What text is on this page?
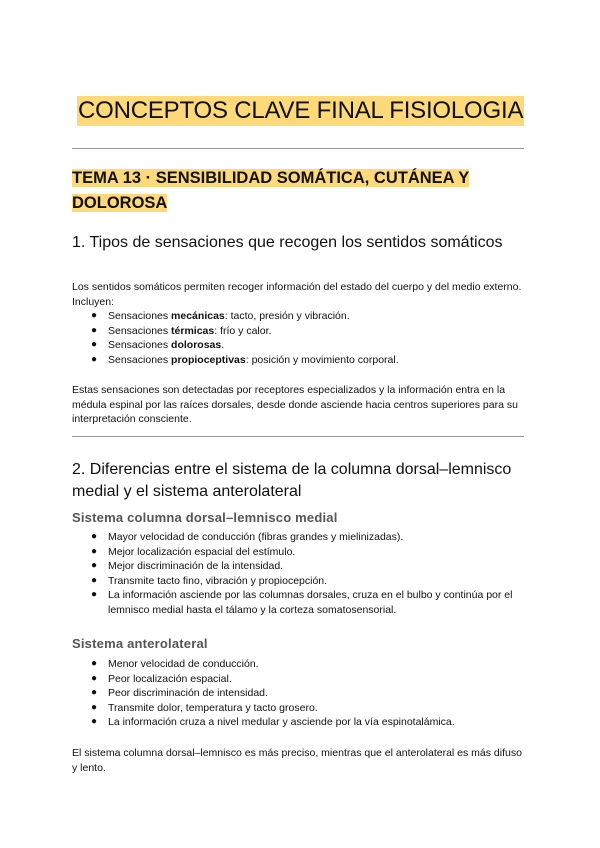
CONCEPTOS CLAVE FINAL FISIOLOGIA
TEMA 13 · SENSIBILIDAD SOMÁTICA, CUTÁNEA Y DOLOROSA
1. Tipos de sensaciones que recogen los sentidos somáticos

Los sentidos somáticos permiten recoger información del estado del cuerpo y del medio externo. Incluyen:

● Sensaciones mecánicas: tacto, presión y vibración.
● Sensaciones térmicas: frío y calor.
● Sensaciones dolorosas.
● Sensaciones propioceptivas: posición y movimiento corporal.

Estas sensaciones son detectadas por receptores especializados y la información entra en la médula espinal por las raíces dorsales, desde donde asciende hacia centros superiores para su interpretación consciente.

2. Diferencias entre el sistema de la columna dorsal–lemnisco medial y el sistema anterolateral
Sistema columna dorsal–lemnisco medial
● Mayor velocidad de conducción (fibras grandes y mielinizadas).
● Mejor localización espacial del estímulo.
● Mejor discriminación de la intensidad.
● Transmite tacto fino, vibración y propiocepción.
● La información asciende por las columnas dorsales, cruza en el bulbo y continúa por el lemnisco medial hasta el tálamo y la corteza somatosensorial.
Sistema anterolateral
● Menor velocidad de conducción.
● Peor localización espacial.
● Peor discriminación de intensidad.
● Transmite dolor, temperatura y tacto grosero.
● La información cruza a nivel medular y asciende por la vía espinotalámica.

El sistema columna dorsal–lemnisco es más preciso, mientras que el anterolateral es más difuso y lento.
